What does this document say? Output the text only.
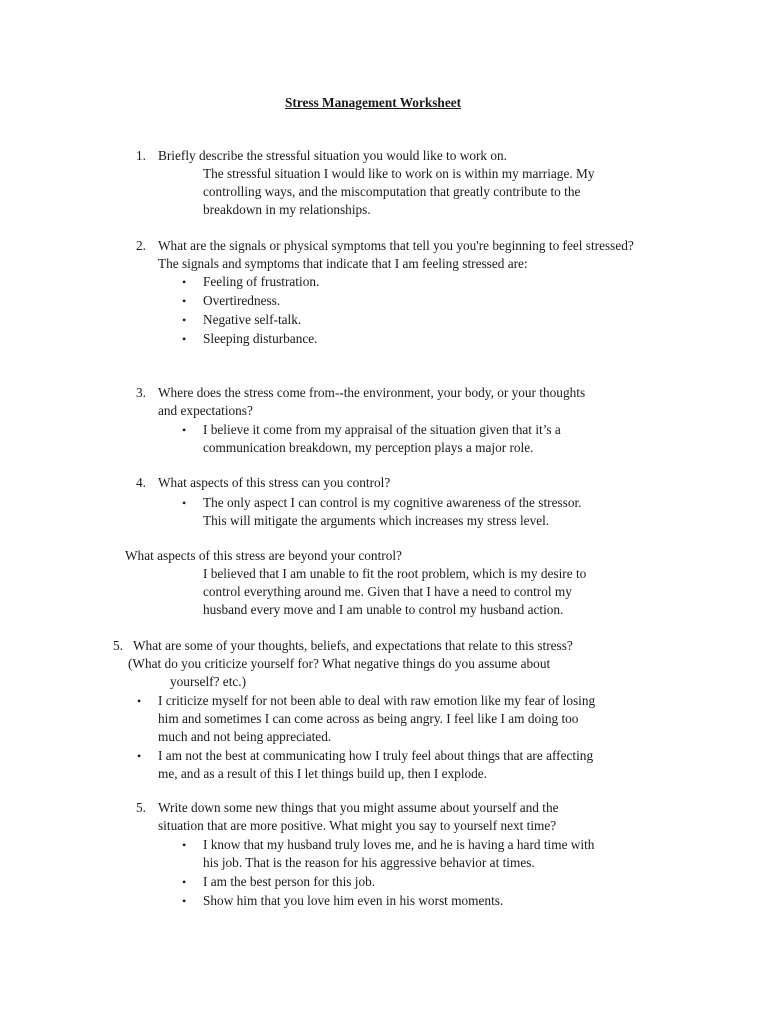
Stress Management Worksheet
1. Briefly describe the stressful situation you would like to work on.
The stressful situation I would like to work on is within my marriage. My
controlling ways, and the miscomputation that greatly contribute to the
breakdown in my relationships.
2. What are the signals or physical symptoms that tell you you're beginning to feel stressed?
The signals and symptoms that indicate that I am feeling stressed are:
• Feeling of frustration.
• Overtiredness.
• Negative self-talk.
• Sleeping disturbance.
3. Where does the stress come from--the environment, your body, or your thoughts
and expectations?
• I believe it come from my appraisal of the situation given that it’s a
communication breakdown, my perception plays a major role.
4. What aspects of this stress can you control?
• The only aspect I can control is my cognitive awareness of the stressor.
This will mitigate the arguments which increases my stress level.
What aspects of this stress are beyond your control?
I believed that I am unable to fit the root problem, which is my desire to
control everything around me. Given that I have a need to control my
husband every move and I am unable to control my husband action.
5. What are some of your thoughts, beliefs, and expectations that relate to this stress?
(What do you criticize yourself for? What negative things do you assume about
yourself? etc.)
• I criticize myself for not been able to deal with raw emotion like my fear of losing
him and sometimes I can come across as being angry. I feel like I am doing too
much and not being appreciated.
• I am not the best at communicating how I truly feel about things that are affecting
me, and as a result of this I let things build up, then I explode.
5. Write down some new things that you might assume about yourself and the
situation that are more positive. What might you say to yourself next time?
• I know that my husband truly loves me, and he is having a hard time with
his job. That is the reason for his aggressive behavior at times.
• I am the best person for this job.
• Show him that you love him even in his worst moments.
